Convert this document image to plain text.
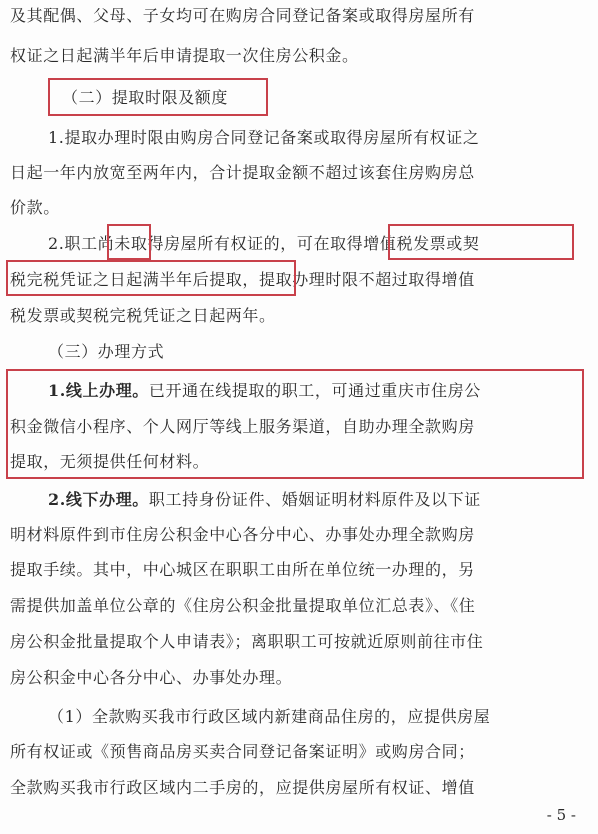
及其配偶、父母、子女均可在购房合同登记备案或取得房屋所有
权证之日起满半年后申请提取一次住房公积金。
（二）提取时限及额度
1.提取办理时限由购房合同登记备案或取得房屋所有权证之
日起一年内放宽至两年内，合计提取金额不超过该套住房购房总
价款。
2.职工尚未取得房屋所有权证的，可在取得增值税发票或契
税完税凭证之日起满半年后提取，提取办理时限不超过取得增值
税发票或契税完税凭证之日起两年。
（三）办理方式
1.线上办理。已开通在线提取的职工，可通过重庆市住房公
积金微信小程序、个人网厅等线上服务渠道，自助办理全款购房
提取，无须提供任何材料。
2.线下办理。职工持身份证件、婚姻证明材料原件及以下证
明材料原件到市住房公积金中心各分中心、办事处办理全款购房
提取手续。其中，中心城区在职职工由所在单位统一办理的，另
需提供加盖单位公章的《住房公积金批量提取单位汇总表》、《住
房公积金批量提取个人申请表》；离职职工可按就近原则前往市住
房公积金中心各分中心、办事处办理。
（1）全款购买我市行政区域内新建商品住房的，应提供房屋
所有权证或《预售商品房买卖合同登记备案证明》或购房合同；
全款购买我市行政区域内二手房的，应提供房屋所有权证、增值
- 5 -
